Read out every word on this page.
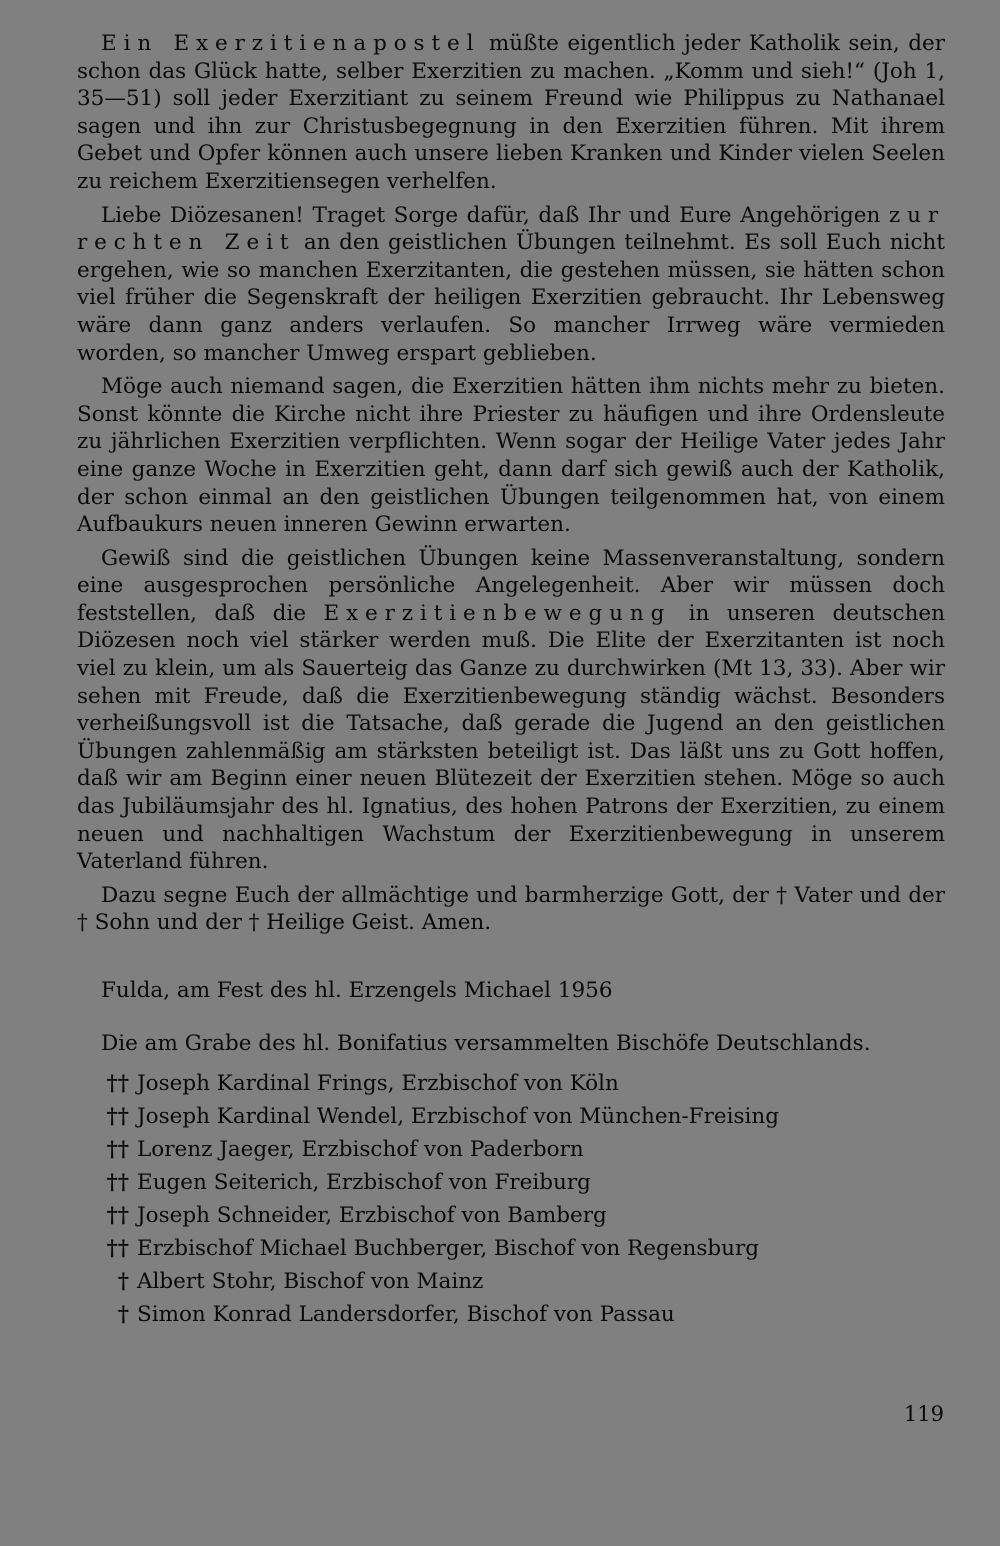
Ein Exerzitienapostel müßte eigentlich jeder Katholik sein, der schon das Glück hatte, selber Exerzitien zu machen. „Komm und sieh!“ (Joh 1, 35—51) soll jeder Exerzitiant zu seinem Freund wie Philippus zu Nathanael sagen und ihn zur Christusbegegnung in den Exerzitien führen. Mit ihrem Gebet und Opfer können auch unsere lieben Kranken und Kinder vielen Seelen zu reichem Exerzitiensegen verhelfen.

Liebe Diözesanen! Traget Sorge dafür, daß Ihr und Eure Angehörigen zur rechten Zeit an den geistlichen Übungen teilnehmt. Es soll Euch nicht ergehen, wie so manchen Exerzitanten, die gestehen müssen, sie hätten schon viel früher die Segenskraft der heiligen Exerzitien gebraucht. Ihr Lebensweg wäre dann ganz anders verlaufen. So mancher Irrweg wäre vermieden worden, so mancher Umweg erspart geblieben.

Möge auch niemand sagen, die Exerzitien hätten ihm nichts mehr zu bieten. Sonst könnte die Kirche nicht ihre Priester zu häufigen und ihre Ordensleute zu jährlichen Exerzitien verpflichten. Wenn sogar der Heilige Vater jedes Jahr eine ganze Woche in Exerzitien geht, dann darf sich gewiß auch der Katholik, der schon einmal an den geistlichen Übungen teilgenommen hat, von einem Aufbaukurs neuen inneren Gewinn erwarten.

Gewiß sind die geistlichen Übungen keine Massenveranstaltung, sondern eine ausgesprochen persönliche Angelegenheit. Aber wir müssen doch feststellen, daß die Exerzitienbewegung in unseren deutschen Diözesen noch viel stärker werden muß. Die Elite der Exerzitanten ist noch viel zu klein, um als Sauerteig das Ganze zu durchwirken (Mt 13, 33). Aber wir sehen mit Freude, daß die Exerzitienbewegung ständig wächst. Besonders verheißungsvoll ist die Tatsache, daß gerade die Jugend an den geistlichen Übungen zahlenmäßig am stärksten beteiligt ist. Das läßt uns zu Gott hoffen, daß wir am Beginn einer neuen Blütezeit der Exerzitien stehen. Möge so auch das Jubiläumsjahr des hl. Ignatius, des hohen Patrons der Exerzitien, zu einem neuen und nachhaltigen Wachstum der Exerzitienbewegung in unserem Vaterland führen.

Dazu segne Euch der allmächtige und barmherzige Gott, der † Vater und der † Sohn und der † Heilige Geist. Amen.

Fulda, am Fest des hl. Erzengels Michael 1956

Die am Grabe des hl. Bonifatius versammelten Bischöfe Deutschlands.

†† Joseph Kardinal Frings, Erzbischof von Köln
†† Joseph Kardinal Wendel, Erzbischof von München-Freising
†† Lorenz Jaeger, Erzbischof von Paderborn
†† Eugen Seiterich, Erzbischof von Freiburg
†† Joseph Schneider, Erzbischof von Bamberg
†† Erzbischof Michael Buchberger, Bischof von Regensburg
† Albert Stohr, Bischof von Mainz
† Simon Konrad Landersdorfer, Bischof von Passau
119
